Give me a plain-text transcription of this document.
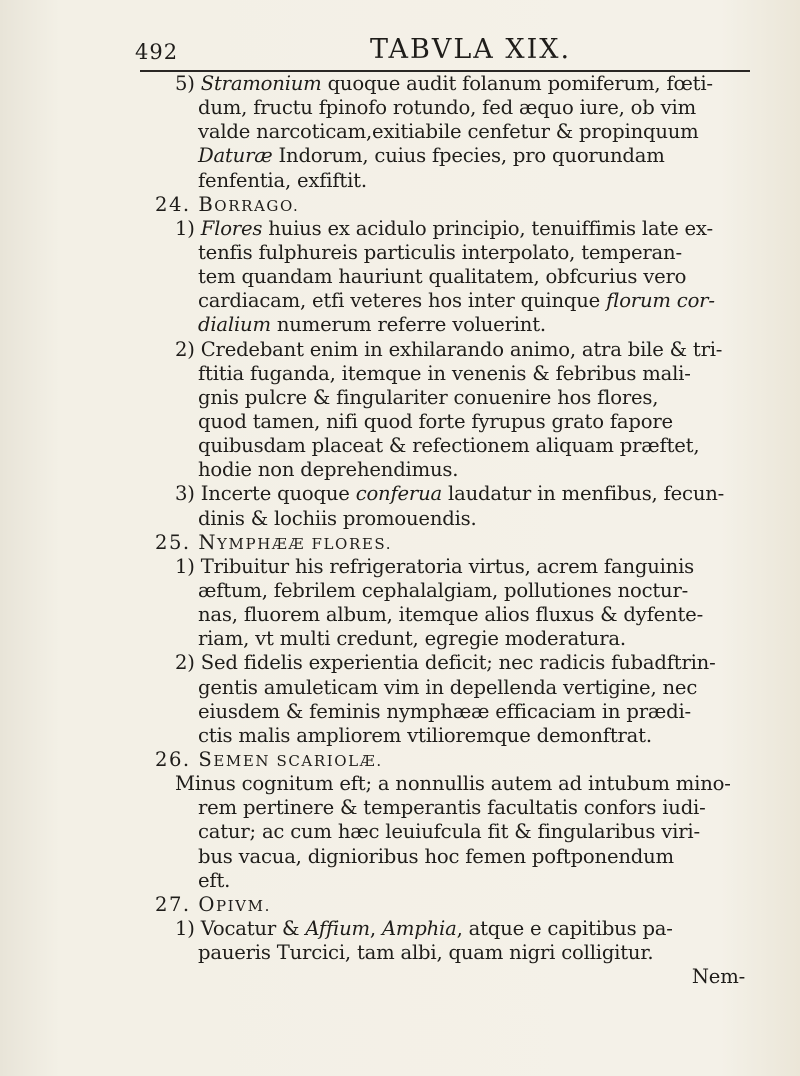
492	TABVLA XIX.
5) Stramonium quoque audit folanum pomiferum, fœti-
dum, fructu fpinofo rotundo, fed æquo iure, ob vim
valde narcoticam,exitiabile cenfetur & propinquum
Daturæ Indorum, cuius fpecies, pro quorundam
fenfentia, exfiftit.
24. BORRAGO.
1) Flores huius ex acidulo principio, tenuiffimis late ex-
tenfis fulphureis particulis interpolato, temperan-
tem quandam hauriunt qualitatem, obfcurius vero
cardiacam, etfi veteres hos inter quinque florum cor-
dialium numerum referre voluerint.
2) Credebant enim in exhilarando animo, atra bile & tri-
ftitia fuganda, itemque in venenis & febribus mali-
gnis pulcre & fingulariter conuenire hos flores,
quod tamen, nifi quod forte fyrupus grato fapore
quibusdam placeat & refectionem aliquam præftet,
hodie non deprehendimus.
3) Incerte quoque conferua laudatur in menfibus, fecun-
dinis & lochiis promouendis.
25. NYMPHÆÆ FLORES.
1) Tribuitur his refrigeratoria virtus, acrem fanguinis
æftum, febrilem cephalalgiam, pollutiones noctur-
nas, fluorem album, itemque alios fluxus & dyfente-
riam, vt multi credunt, egregie moderatura.
2) Sed fidelis experientia deficit; nec radicis fubadftrin-
gentis amuleticam vim in depellenda vertigine, nec
eiusdem & feminis nymphææ efficaciam in prædi-
ctis malis ampliorem vtilioremque demonftrat.
26. SEMEN SCARIOLÆ.
Minus cognitum eft; a nonnullis autem ad intubum mino-
rem pertinere & temperantis facultatis confors iudi-
catur; ac cum hæc leuiufcula fit & fingularibus viri-
bus vacua, dignioribus hoc femen poftponendum
eft.
27. OPIVM.
1) Vocatur & Affium, Amphia, atque e capitibus pa-
paueris Turcici, tam albi, quam nigri colligitur.
Nem-
